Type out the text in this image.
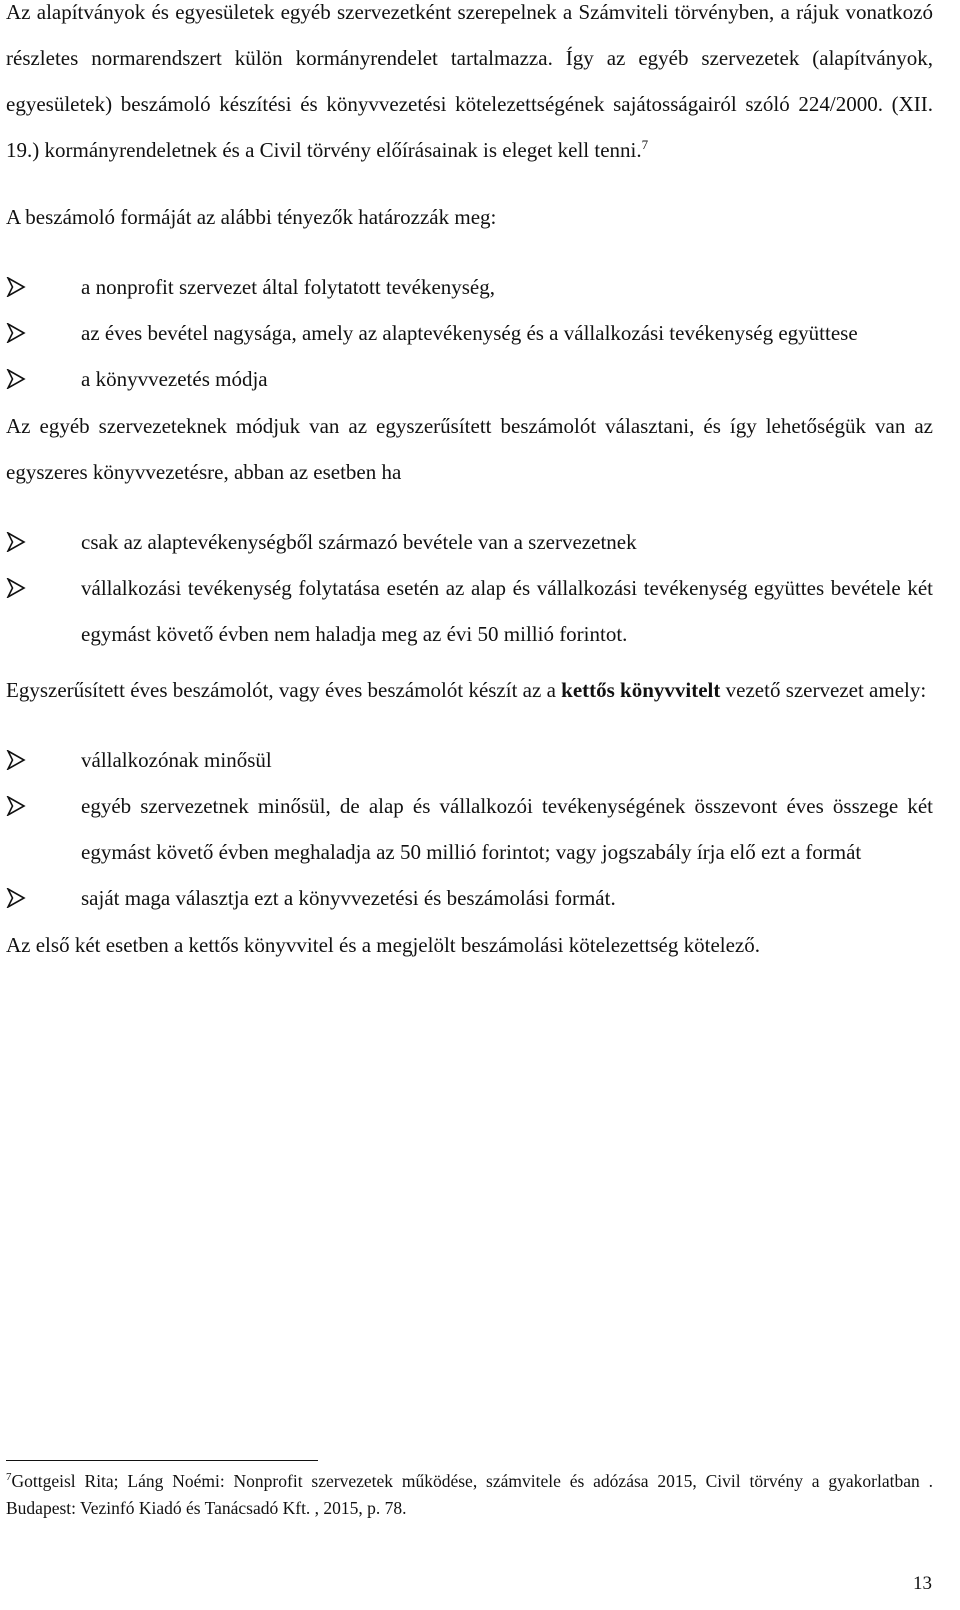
Az alapítványok és egyesületek egyéb szervezetként szerepelnek a Számviteli törvényben, a rájuk vonatkozó részletes normarendszert külön kormányrendelet tartalmazza. Így az egyéb szervezetek (alapítványok, egyesületek) beszámoló készítési és könyvvezetési kötelezettségének sajátosságairól szóló 224/2000. (XII. 19.) kormányrendeletnek és a Civil törvény előírásainak is eleget kell tenni.$^7$

A beszámoló formáját az alábbi tényezők határozzák meg:

a nonprofit szervezet által folytatott tevékenység,
az éves bevétel nagysága, amely az alaptevékenység és a vállalkozási tevékenység együttese
a könyvvezetés módja

Az egyéb szervezeteknek módjuk van az egyszerűsített beszámolót választani, és így lehetőségük van az egyszeres könyvvezetésre, abban az esetben ha

csak az alaptevékenységből származó bevétele van a szervezetnek
vállalkozási tevékenység folytatása esetén az alap és vállalkozási tevékenység együttes bevétele két egymást követő évben nem haladja meg az évi 50 millió forintot.

Egyszerűsített éves beszámolót, vagy éves beszámolót készít az a kettős könyvvitelt vezető szervezet amely:

vállalkozónak minősül
egyéb szervezetnek minősül, de alap és vállalkozói tevékenységének összevont éves összege két egymást követő évben meghaladja az 50 millió forintot; vagy jogszabály írja elő ezt a formát
saját maga választja ezt a könyvvezetési és beszámolási formát.

Az első két esetben a kettős könyvvitel és a megjelölt beszámolási kötelezettség kötelező.

$^7$Gottgeisl Rita; Láng Noémi: Nonprofit szervezetek működése, számvitele és adózása 2015, Civil törvény a gyakorlatban . Budapest: Vezinfó Kiadó és Tanácsadó Kft. , 2015, p. 78.

13
